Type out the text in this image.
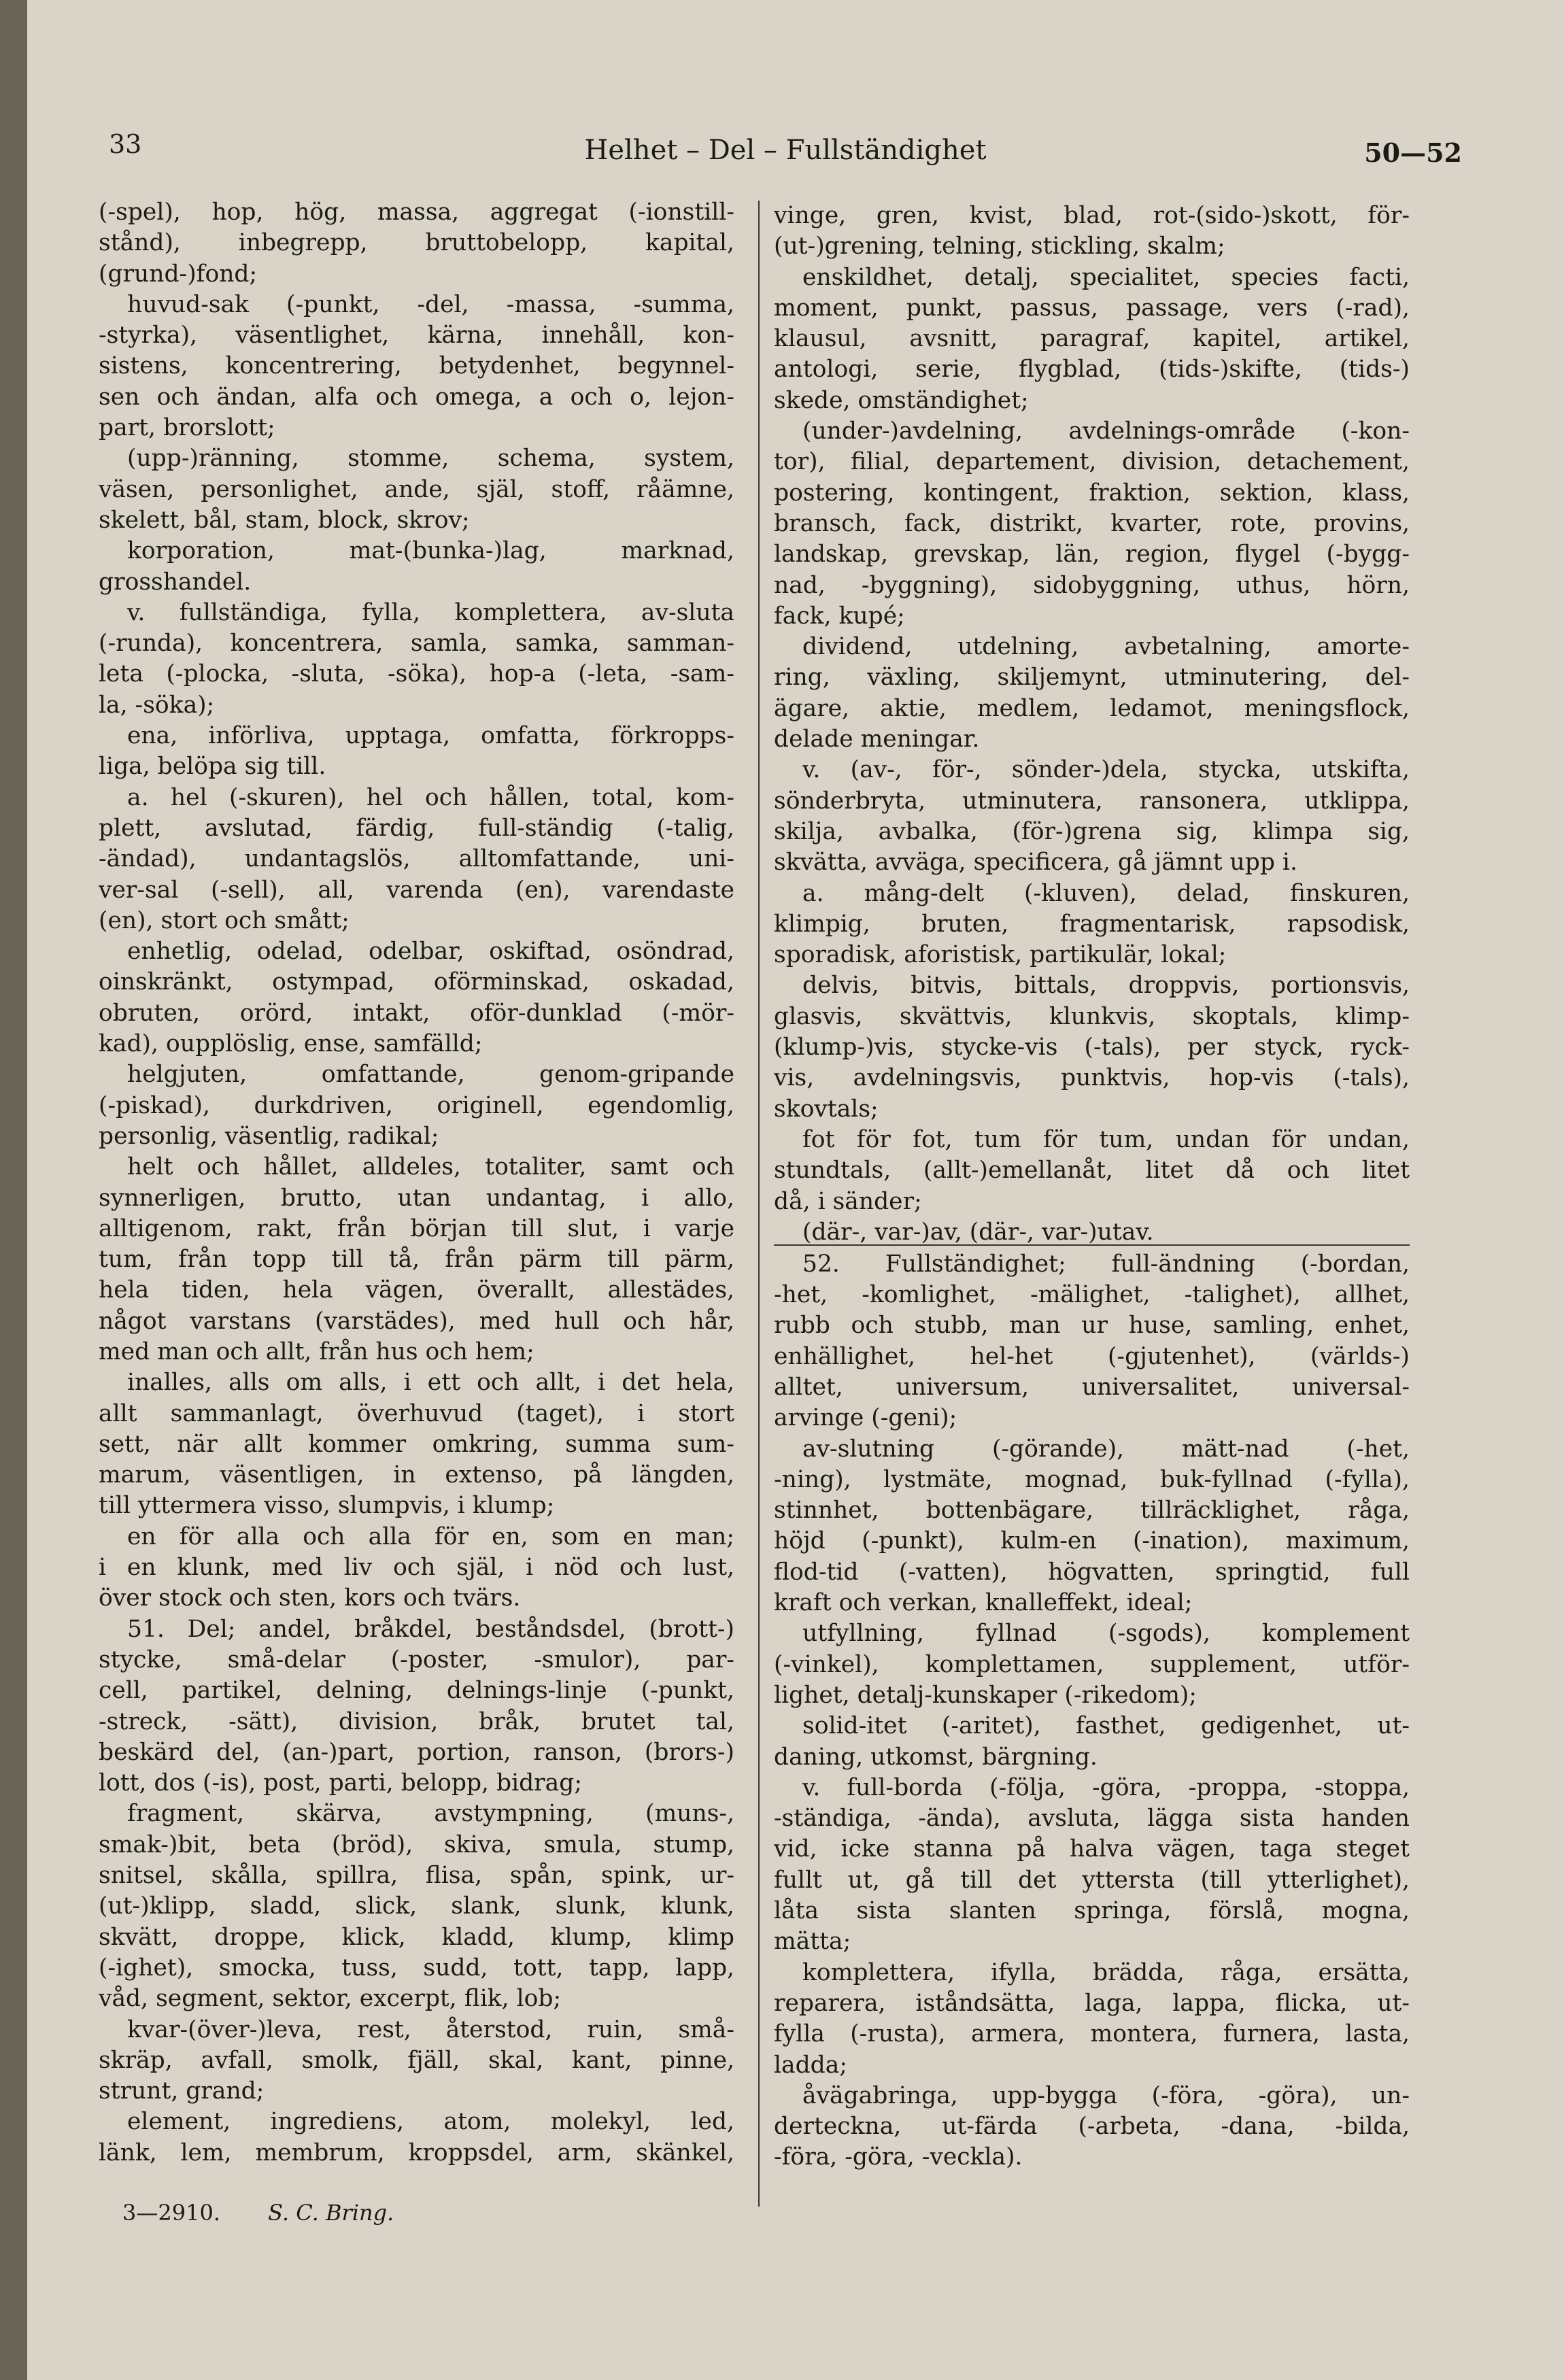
33	Helhet – Del – Fullständighet	50—52
(-spel), hop, hög, massa, aggregat (-ionstill-
stånd), inbegrepp, bruttobelopp, kapital,
(grund-)fond;
huvud-sak (-punkt, -del, -massa, -summa,
-styrka), väsentlighet, kärna, innehåll, kon-
sistens, koncentrering, betydenhet, begynnel-
sen och ändan, alfa och omega, a och o, lejon-
part, brorslott;
(upp-)ränning, stomme, schema, system,
väsen, personlighet, ande, själ, stoff, råämne,
skelett, bål, stam, block, skrov;
korporation, mat-(bunka-)lag, marknad,
grosshandel.
v. fullständiga, fylla, komplettera, av-sluta
(-runda), koncentrera, samla, samka, samman-
leta (-plocka, -sluta, -söka), hop-a (-leta, -sam-
la, -söka);
ena, införliva, upptaga, omfatta, förkropps-
liga, belöpa sig till.
a. hel (-skuren), hel och hållen, total, kom-
plett, avslutad, färdig, full-ständig (-talig,
-ändad), undantagslös, alltomfattande, uni-
ver-sal (-sell), all, varenda (en), varendaste
(en), stort och smått;
enhetlig, odelad, odelbar, oskiftad, osöndrad,
oinskränkt, ostympad, oförminskad, oskadad,
obruten, orörd, intakt, oför-dunklad (-mör-
kad), oupplöslig, ense, samfälld;
helgjuten, omfattande, genom-gripande
(-piskad), durkdriven, originell, egendomlig,
personlig, väsentlig, radikal;
helt och hållet, alldeles, totaliter, samt och
synnerligen, brutto, utan undantag, i allo,
alltigenom, rakt, från början till slut, i varje
tum, från topp till tå, från pärm till pärm,
hela tiden, hela vägen, överallt, allestädes,
något varstans (varstädes), med hull och hår,
med man och allt, från hus och hem;
inalles, alls om alls, i ett och allt, i det hela,
allt sammanlagt, överhuvud (taget), i stort
sett, när allt kommer omkring, summa sum-
marum, väsentligen, in extenso, på längden,
till yttermera visso, slumpvis, i klump;
en för alla och alla för en, som en man;
i en klunk, med liv och själ, i nöd och lust,
över stock och sten, kors och tvärs.
51. Del; andel, bråkdel, beståndsdel, (brott-)
stycke, små-delar (-poster, -smulor), par-
cell, partikel, delning, delnings-linje (-punkt,
-streck, -sätt), division, bråk, brutet tal,
beskärd del, (an-)part, portion, ranson, (brors-)
lott, dos (-is), post, parti, belopp, bidrag;
fragment, skärva, avstympning, (muns-,
smak-)bit, beta (bröd), skiva, smula, stump,
snitsel, skålla, spillra, flisa, spån, spink, ur-
(ut-)klipp, sladd, slick, slank, slunk, klunk,
skvätt, droppe, klick, kladd, klump, klimp
(-ighet), smocka, tuss, sudd, tott, tapp, lapp,
våd, segment, sektor, excerpt, flik, lob;
kvar-(över-)leva, rest, återstod, ruin, små-
skräp, avfall, smolk, fjäll, skal, kant, pinne,
strunt, grand;
element, ingrediens, atom, molekyl, led,
länk, lem, membrum, kroppsdel, arm, skänkel,
vinge, gren, kvist, blad, rot-(sido-)skott, för-
(ut-)grening, telning, stickling, skalm;
enskildhet, detalj, specialitet, species facti,
moment, punkt, passus, passage, vers (-rad),
klausul, avsnitt, paragraf, kapitel, artikel,
antologi, serie, flygblad, (tids-)skifte, (tids-)
skede, omständighet;
(under-)avdelning, avdelnings-område (-kon-
tor), filial, departement, division, detachement,
postering, kontingent, fraktion, sektion, klass,
bransch, fack, distrikt, kvarter, rote, provins,
landskap, grevskap, län, region, flygel (-bygg-
nad, -byggning), sidobyggning, uthus, hörn,
fack, kupé;
dividend, utdelning, avbetalning, amorte-
ring, växling, skiljemynt, utminutering, del-
ägare, aktie, medlem, ledamot, meningsflock,
delade meningar.
v. (av-, för-, sönder-)dela, stycka, utskifta,
sönderbryta, utminutera, ransonera, utklippa,
skilja, avbalka, (för-)grena sig, klimpa sig,
skvätta, avväga, specificera, gå jämnt upp i.
a. mång-delt (-kluven), delad, finskuren,
klimpig, bruten, fragmentarisk, rapsodisk,
sporadisk, aforistisk, partikulär, lokal;
delvis, bitvis, bittals, droppvis, portionsvis,
glasvis, skvättvis, klunkvis, skoptals, klimp-
(klump-)vis, stycke-vis (-tals), per styck, ryck-
vis, avdelningsvis, punktvis, hop-vis (-tals),
skovtals;
fot för fot, tum för tum, undan för undan,
stundtals, (allt-)emellanåt, litet då och litet
då, i sänder;
(där-, var-)av, (där-, var-)utav.
52. Fullständighet; full-ändning (-bordan,
-het, -komlighet, -mälighet, -talighet), allhet,
rubb och stubb, man ur huse, samling, enhet,
enhällighet, hel-het (-gjutenhet), (världs-)
alltet, universum, universalitet, universal-
arvinge (-geni);
av-slutning (-görande), mätt-nad (-het,
-ning), lystmäte, mognad, buk-fyllnad (-fylla),
stinnhet, bottenbägare, tillräcklighet, råga,
höjd (-punkt), kulm-en (-ination), maximum,
flod-tid (-vatten), högvatten, springtid, full
kraft och verkan, knalleffekt, ideal;
utfyllning, fyllnad (-sgods), komplement
(-vinkel), komplettamen, supplement, utför-
lighet, detalj-kunskaper (-rikedom);
solid-itet (-aritet), fasthet, gedigenhet, ut-
daning, utkomst, bärgning.
v. full-borda (-följa, -göra, -proppa, -stoppa,
-ständiga, -ända), avsluta, lägga sista handen
vid, icke stanna på halva vägen, taga steget
fullt ut, gå till det yttersta (till ytterlighet),
låta sista slanten springa, förslå, mogna,
mätta;
komplettera, ifylla, brädda, råga, ersätta,
reparera, iståndsätta, laga, lappa, flicka, ut-
fylla (-rusta), armera, montera, furnera, lasta,
ladda;
åvägabringa, upp-bygga (-föra, -göra), un-
derteckna, ut-färda (-arbeta, -dana, -bilda,
-föra, -göra, -veckla).
3—2910. S. C. Bring.
